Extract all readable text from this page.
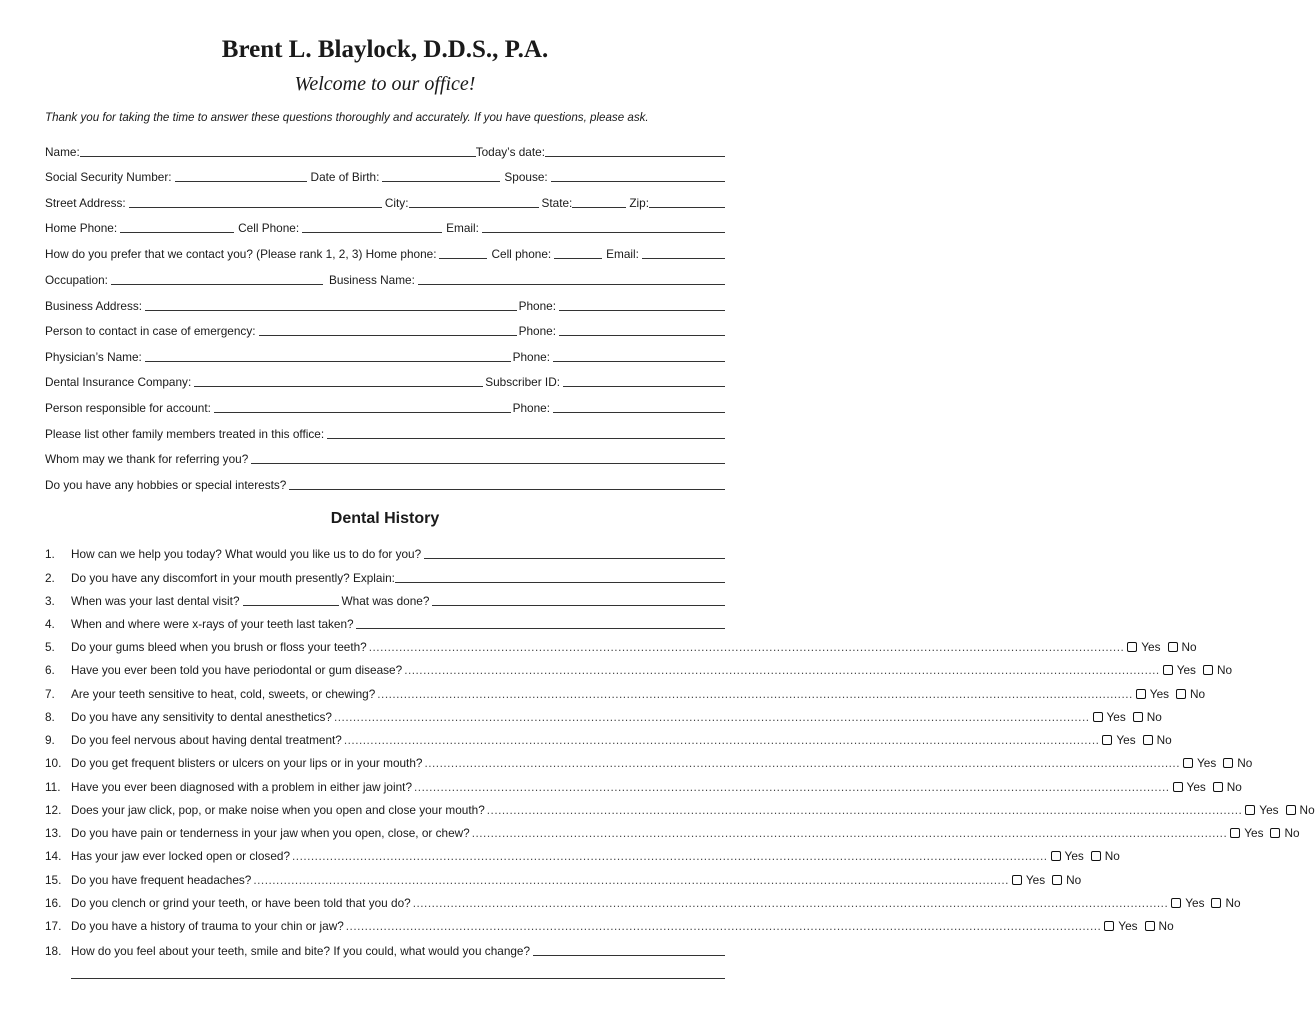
Brent L. Blaylock, D.D.S., P.A.
Welcome to our office!
Thank you for taking the time to answer these questions thoroughly and accurately. If you have questions, please ask.
Name:	Today’s date:
Social Security Number:	Date of Birth:	Spouse:
Street Address:	City:	State:	Zip:
Home Phone:	Cell Phone:	Email:
How do you prefer that we contact you? (Please rank 1, 2, 3) Home phone:	Cell phone:	Email:
Occupation:	Business Name:
Business Address:	Phone:
Person to contact in case of emergency:	Phone:
Physician’s Name:	Phone:
Dental Insurance Company:	Subscriber ID:
Person responsible for account:	Phone:
Please list other family members treated in this office:
Whom may we thank for referring you?
Do you have any hobbies or special interests?
Dental History
1.	How can we help you today? What would you like us to do for you?
2.	Do you have any discomfort in your mouth presently? Explain:
3.	When was your last dental visit?	What was done?
4.	When and where were x-rays of your teeth last taken?
5.	Do your gums bleed when you brush or floss your teeth? ........................................................................................................................................................................................................ Yes No
6.	Have you ever been told you have periodontal or gum disease? ........................................................................................................................................................................................................ Yes No
7.	Are your teeth sensitive to heat, cold, sweets, or chewing? ........................................................................................................................................................................................................ Yes No
8.	Do you have any sensitivity to dental anesthetics? ........................................................................................................................................................................................................ Yes No
9.	Do you feel nervous about having dental treatment? ........................................................................................................................................................................................................ Yes No
10. Do you get frequent blisters or ulcers on your lips or in your mouth? ........................................................................................................................................................................................................ Yes No
11. Have you ever been diagnosed with a problem in either jaw joint? ........................................................................................................................................................................................................ Yes No
12. Does your jaw click, pop, or make noise when you open and close your mouth? ........................................................................................................................................................................................................ Yes No
13. Do you have pain or tenderness in your jaw when you open, close, or chew? ........................................................................................................................................................................................................ Yes No
14. Has your jaw ever locked open or closed? ........................................................................................................................................................................................................ Yes No
15. Do you have frequent headaches? ........................................................................................................................................................................................................ Yes No
16. Do you clench or grind your teeth, or have been told that you do? ........................................................................................................................................................................................................ Yes No
17. Do you have a history of trauma to your chin or jaw? ........................................................................................................................................................................................................ Yes No
18. How do you feel about your teeth, smile and bite? If you could, what would you change?
